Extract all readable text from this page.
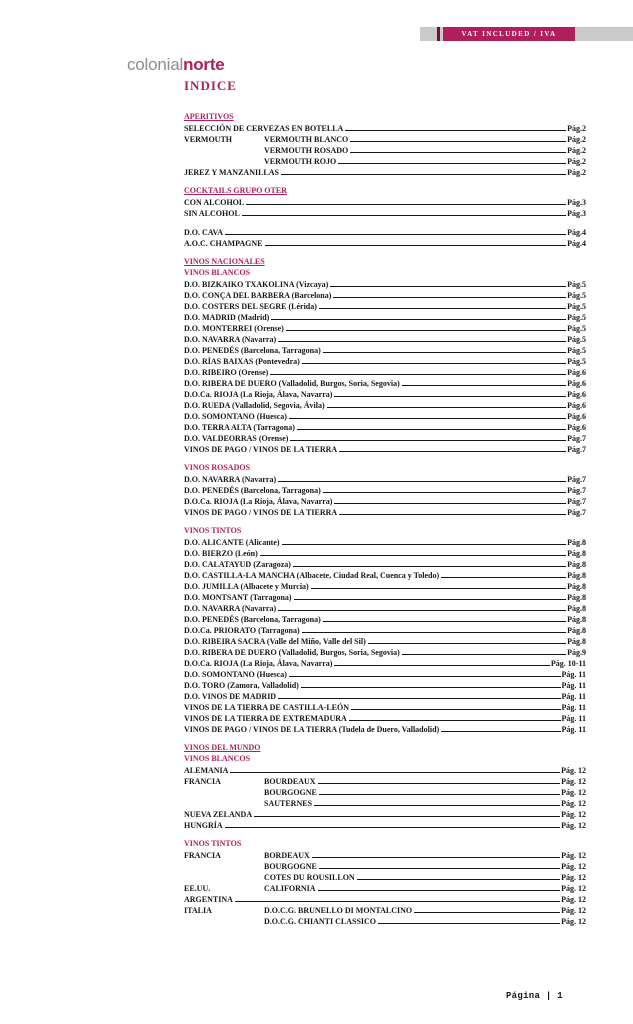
VAT INCLUDED / IVA
colonialnorte
INDICE
APERITIVOS
SELECCIÓN DE CERVEZAS EN BOTELLA	Pág.2
VERMOUTH	VERMOUTH BLANCO	Pág.2
VERMOUTH ROSADO	Pág.2
VERMOUTH ROJO	Pág.2
JEREZ Y MANZANILLAS	Pág.2
COCKTAILS GRUPO OTER
CON ALCOHOL	Pág.3
SIN ALCOHOL	Pág.3
D.O. CAVA	Pág.4
A.O.C. CHAMPAGNE	Pág.4
VINOS NACIONALES
VINOS BLANCOS
D.O. BIZKAIKO TXAKOLINA (Vizcaya)	Pág.5
D.O. CONÇA DEL BARBERA (Barcelona)	Pág.5
D.O. COSTERS DEL SEGRE (Lérida)	Pág.5
D.O. MADRID (Madrid)	Pág.5
D.O. MONTERREI (Orense)	Pág.5
D.O. NAVARRA (Navarra)	Pág.5
D.O. PENEDÉS (Barcelona, Tarragona)	Pág.5
D.O. RÍAS BAIXAS (Pontevedra)	Pág.5
D.O. RIBEIRO (Orense)	Pág.6
D.O. RIBERA DE DUERO (Valladolid, Burgos, Soria, Segovia)	Pág.6
D.O.Ca. RIOJA (La Rioja, Álava, Navarra)	Pág.6
D.O. RUEDA (Valladolid, Segovia, Ávila)	Pág.6
D.O. SOMONTANO (Huesca)	Pág.6
D.O. TERRA ALTA (Tarragona)	Pág.6
D.O. VALDEORRAS (Orense)	Pág.7
VINOS DE PAGO / VINOS DE LA TIERRA	Pág.7
VINOS ROSADOS
D.O. NAVARRA (Navarra)	Pág.7
D.O. PENEDÉS (Barcelona, Tarragona)	Pág.7
D.O.Ca. RIOJA (La Rioja, Álava, Navarra)	Pág.7
VINOS DE PAGO / VINOS DE LA TIERRA	Pág.7
VINOS TINTOS
D.O. ALICANTE (Alicante)	Pág.8
D.O. BIERZO (León)	Pág.8
D.O. CALATAYUD (Zaragoza)	Pág.8
D.O. CASTILLA-LA MANCHA (Albacete, Ciudad Real, Cuenca y Toledo)	Pág.8
D.O. JUMILLA (Albacete y Murcia)	Pág.8
D.O. MONTSANT (Tarragona)	Pág.8
D.O. NAVARRA (Navarra)	Pág.8
D.O. PENEDÉS (Barcelona, Tarragona)	Pág.8
D.O.Ca. PRIORATO (Tarragona)	Pág.8
D.O. RIBEIRA SACRA (Valle del Miño, Valle del Sil)	Pág.8
D.O. RIBERA DE DUERO (Valladolid, Burgos, Soria, Segovia)	Pág.9
D.O.Ca. RIOJA (La Rioja, Álava, Navarra)	Pág. 10-11
D.O. SOMONTANO (Huesca)	Pág. 11
D.O. TORO (Zamora, Valladolid)	Pág. 11
D.O. VINOS DE MADRID	Pág. 11
VINOS DE LA TIERRA DE CASTILLA-LEÓN	Pág. 11
VINOS DE LA TIERRA DE EXTREMADURA	Pág. 11
VINOS DE PAGO / VINOS DE LA TIERRA (Tudela de Duero, Valladolid)	Pág. 11
VINOS DEL MUNDO
VINOS BLANCOS
ALEMANIA	Pág. 12
FRANCIA	BOURDEAUX	Pág. 12
BOURGOGNE	Pág. 12
SAUTERNES	Pág. 12
NUEVA ZELANDA	Pág. 12
HUNGRÍA	Pág. 12
VINOS TINTOS
FRANCIA	BORDEAUX	Pág. 12
BOURGOGNE	Pág. 12
COTES DU ROUSILLON	Pág. 12
EE.UU.	CALIFORNIA	Pág. 12
ARGENTINA	Pág. 12
ITALIA	D.O.C.G. BRUNELLO DI MONTALCINO	Pág. 12
D.O.C.G. CHIANTI CLASSICO	Pág. 12
Página | 1
